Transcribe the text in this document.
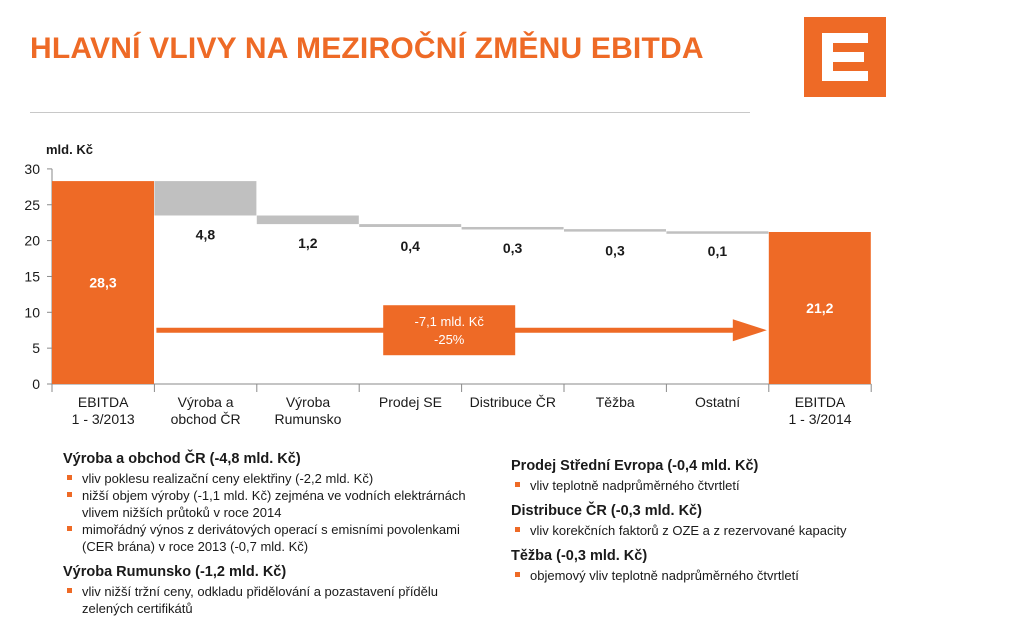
HLAVNÍ VLIVY NA MEZIROČNÍ ZMĚNU EBITDA
mld. Kč
0
5
10
15
20
25
30
EBITDA 1 - 3/2013
Výroba a obchod ČR
Výroba Rumunsko
Prodej SE Distribuce ČR	Těžba	Ostatní	EBITDA 1 - 3/2014
28,3
4,8
1,2	0,4	0,3	0,3	0,1
21,2
-7,1 mld. Kč
-25%
Výroba a obchod ČR (-4,8 mld. Kč)
vliv poklesu realizační ceny elektřiny (-2,2 mld. Kč)
nižší objem výroby (-1,1 mld. Kč) zejména ve vodních elektrárnách vlivem nižších průtoků v roce 2014
mimořádný výnos z derivátových operací s emisními povolenkami (CER brána) v roce 2013 (-0,7 mld. Kč)
Výroba Rumunsko (-1,2 mld. Kč)
vliv nižší tržní ceny, odkladu přidělování a pozastavení přídělu zelených certifikátů
Prodej Střední Evropa (-0,4 mld. Kč)
vliv teplotně nadprůměrného čtvrtletí
Distribuce ČR (-0,3 mld. Kč)
vliv korekčních faktorů z OZE a z rezervované kapacity
Těžba (-0,3 mld. Kč)
objemový vliv teplotně nadprůměrného čtvrtletí
